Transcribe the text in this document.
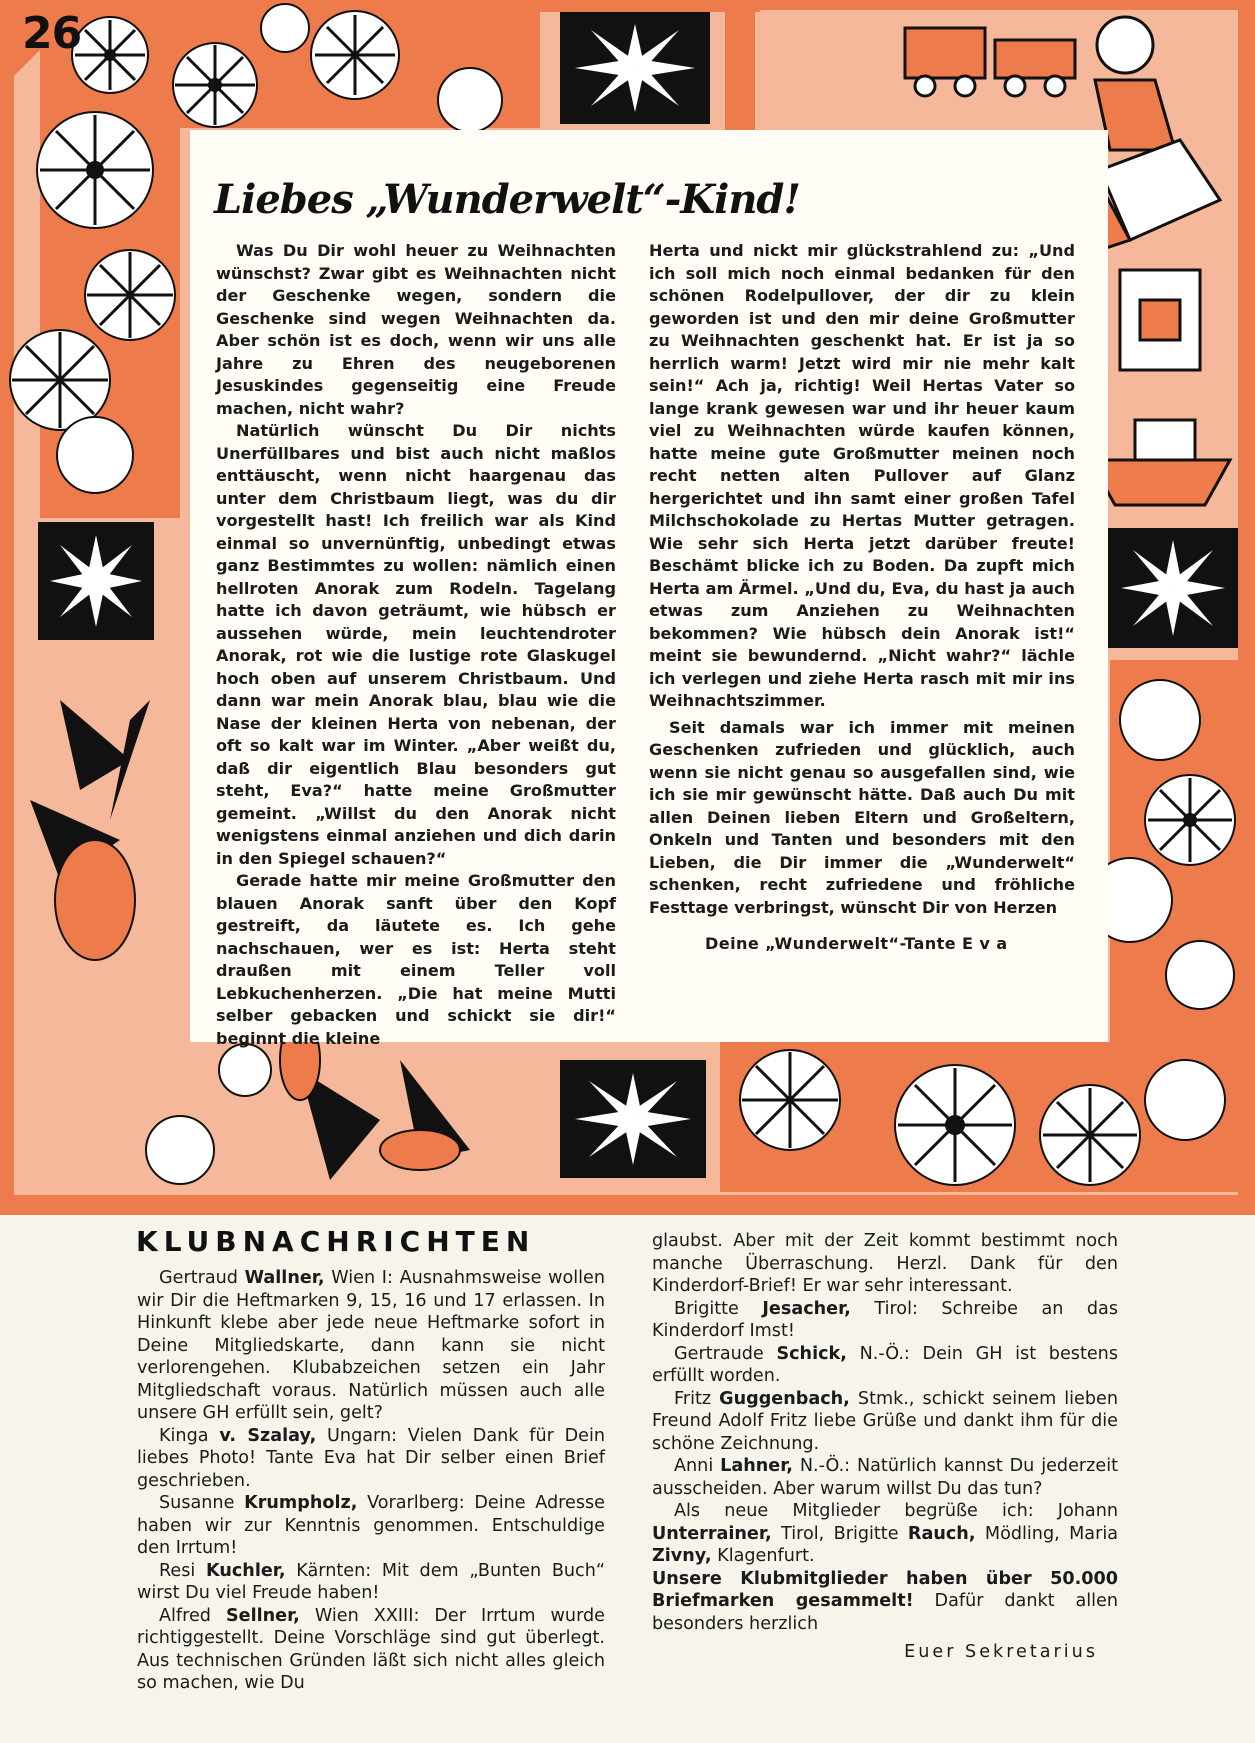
26
Liebes „Wunderwelt“-Kind!

Was Du Dir wohl heuer zu Weihnachten wünschst? Zwar gibt es Weihnachten nicht der Geschenke wegen, sondern die Geschenke sind wegen Weihnachten da. Aber schön ist es doch, wenn wir uns alle Jahre zu Ehren des neugeborenen Jesuskindes gegenseitig eine Freude machen, nicht wahr?

Natürlich wünscht Du Dir nichts Unerfüllbares und bist auch nicht maßlos enttäuscht, wenn nicht haargenau das unter dem Christbaum liegt, was du dir vorgestellt hast! Ich freilich war als Kind einmal so unvernünftig, unbedingt etwas ganz Bestimmtes zu wollen: nämlich einen hellroten Anorak zum Rodeln. Tagelang hatte ich davon geträumt, wie hübsch er aussehen würde, mein leuchtendroter Anorak, rot wie die lustige rote Glaskugel hoch oben auf unserem Christbaum. Und dann war mein Anorak blau, blau wie die Nase der kleinen Herta von nebenan, der oft so kalt war im Winter. „Aber weißt du, daß dir eigentlich Blau besonders gut steht, Eva?“ hatte meine Großmutter gemeint. „Willst du den Anorak nicht wenigstens einmal anziehen und dich darin in den Spiegel schauen?“

Gerade hatte mir meine Großmutter den blauen Anorak sanft über den Kopf gestreift, da läutete es. Ich gehe nachschauen, wer es ist: Herta steht draußen mit einem Teller voll Lebkuchenherzen. „Die hat meine Mutti selber gebacken und schickt sie dir!“ beginnt die kleine

Herta und nickt mir glückstrahlend zu: „Und ich soll mich noch einmal bedanken für den schönen Rodelpullover, der dir zu klein geworden ist und den mir deine Großmutter zu Weihnachten geschenkt hat. Er ist ja so herrlich warm! Jetzt wird mir nie mehr kalt sein!“ Ach ja, richtig! Weil Hertas Vater so lange krank gewesen war und ihr heuer kaum viel zu Weihnachten würde kaufen können, hatte meine gute Großmutter meinen noch recht netten alten Pullover auf Glanz hergerichtet und ihn samt einer großen Tafel Milchschokolade zu Hertas Mutter getragen. Wie sehr sich Herta jetzt darüber freute! Beschämt blicke ich zu Boden. Da zupft mich Herta am Ärmel. „Und du, Eva, du hast ja auch etwas zum Anziehen zu Weihnachten bekommen? Wie hübsch dein Anorak ist!“ meint sie bewundernd. „Nicht wahr?“ lächle ich verlegen und ziehe Herta rasch mit mir ins Weihnachtszimmer.

Seit damals war ich immer mit meinen Geschenken zufrieden und glücklich, auch wenn sie nicht genau so ausgefallen sind, wie ich sie mir gewünscht hätte. Daß auch Du mit allen Deinen lieben Eltern und Großeltern, Onkeln und Tanten und besonders mit den Lieben, die Dir immer die „Wunderwelt“ schenken, recht zufriedene und fröhliche Festtage verbringst, wünscht Dir von Herzen

Deine „Wunderwelt“-Tante E v a

KLUBNACHRICHTEN

Gertraud Wallner, Wien I: Ausnahmsweise wollen wir Dir die Heftmarken 9, 15, 16 und 17 erlassen. In Hinkunft klebe aber jede neue Heftmarke sofort in Deine Mitgliedskarte, dann kann sie nicht verlorengehen. Klubabzeichen setzen ein Jahr Mitgliedschaft voraus. Natürlich müssen auch alle unsere GH erfüllt sein, gelt?

Kinga v. Szalay, Ungarn: Vielen Dank für Dein liebes Photo! Tante Eva hat Dir selber einen Brief geschrieben.

Susanne Krumpholz, Vorarlberg: Deine Adresse haben wir zur Kenntnis genommen. Entschuldige den Irrtum!

Resi Kuchler, Kärnten: Mit dem „Bunten Buch“ wirst Du viel Freude haben!

Alfred Sellner, Wien XXIII: Der Irrtum wurde richtiggestellt. Deine Vorschläge sind gut überlegt. Aus technischen Gründen läßt sich nicht alles gleich so machen, wie Du

glaubst. Aber mit der Zeit kommt bestimmt noch manche Überraschung. Herzl. Dank für den Kinderdorf-Brief! Er war sehr interessant.

Brigitte Jesacher, Tirol: Schreibe an das Kinderdorf Imst!

Gertraude Schick, N.-Ö.: Dein GH ist bestens erfüllt worden.

Fritz Guggenbach, Stmk., schickt seinem lieben Freund Adolf Fritz liebe Grüße und dankt ihm für die schöne Zeichnung.

Anni Lahner, N.-Ö.: Natürlich kannst Du jederzeit ausscheiden. Aber warum willst Du das tun?

Als neue Mitglieder begrüße ich: Johann Unterrainer, Tirol, Brigitte Rauch, Mödling, Maria Zivny, Klagenfurt.

Unsere Klubmitglieder haben über 50.000 Briefmarken gesammelt! Dafür dankt allen besonders herzlich

Euer Sekretarius
